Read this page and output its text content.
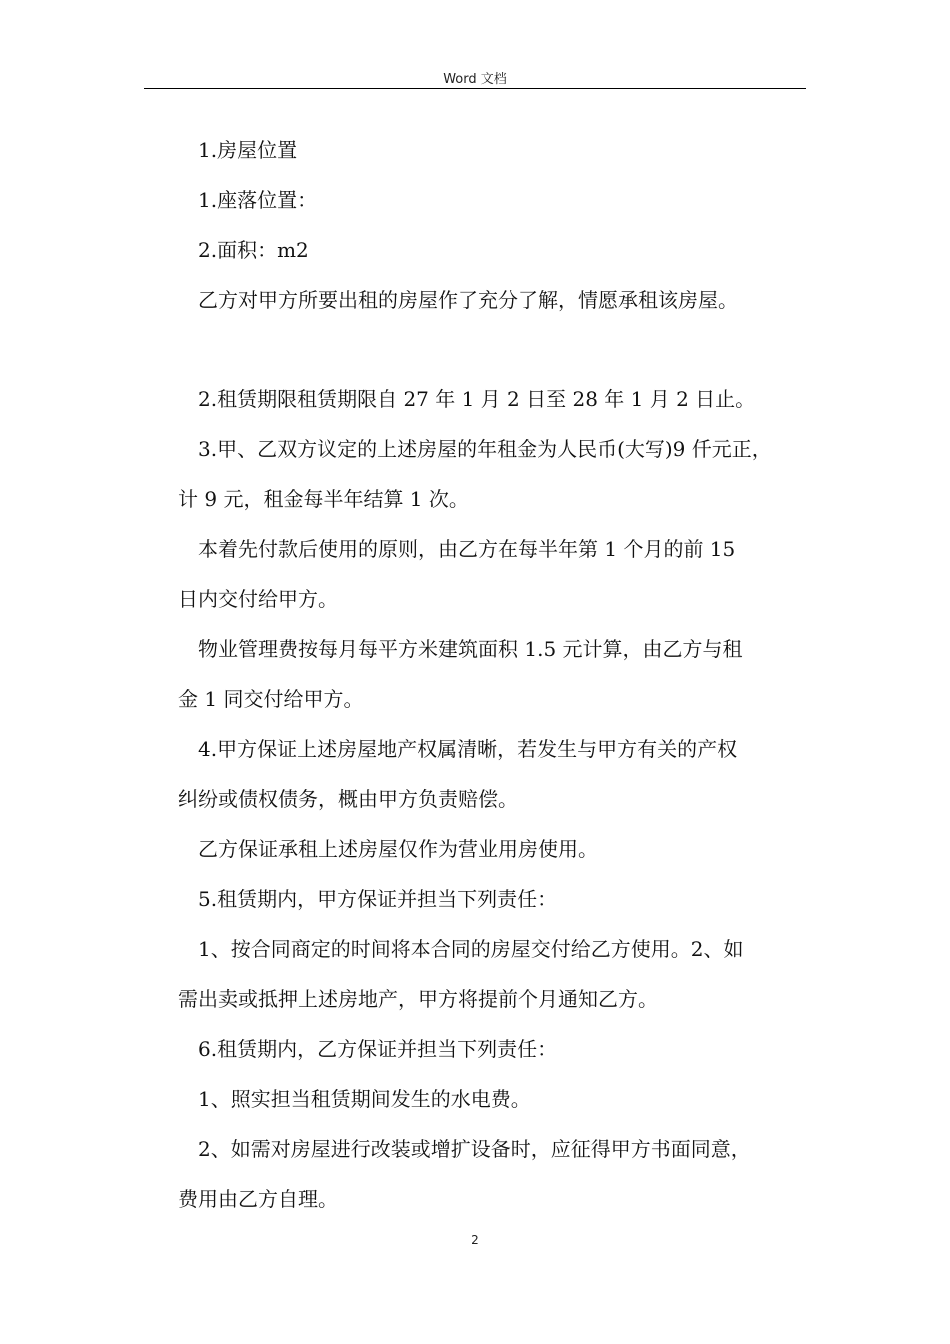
Word 文档
1.房屋位置
1.座落位置：
2.面积：m2
乙方对甲方所要出租的房屋作了充分了解，情愿承租该房屋。
2.租赁期限租赁期限自 27 年 1 月 2 日至 28 年 1 月 2 日止。
3.甲、乙双方议定的上述房屋的年租金为人民币(大写)9 仟元正，
计 9 元，租金每半年结算 1 次。
本着先付款后使用的原则，由乙方在每半年第 1 个月的前 15
日内交付给甲方。
物业管理费按每月每平方米建筑面积 1.5 元计算，由乙方与租
金 1 同交付给甲方。
4.甲方保证上述房屋地产权属清晰，若发生与甲方有关的产权
纠纷或债权债务，概由甲方负责赔偿。
乙方保证承租上述房屋仅作为营业用房使用。
5.租赁期内，甲方保证并担当下列责任：
1、按合同商定的时间将本合同的房屋交付给乙方使用。2、如
需出卖或抵押上述房地产，甲方将提前个月通知乙方。
6.租赁期内，乙方保证并担当下列责任：
1、照实担当租赁期间发生的水电费。
2、如需对房屋进行改装或增扩设备时，应征得甲方书面同意，
费用由乙方自理。
2
